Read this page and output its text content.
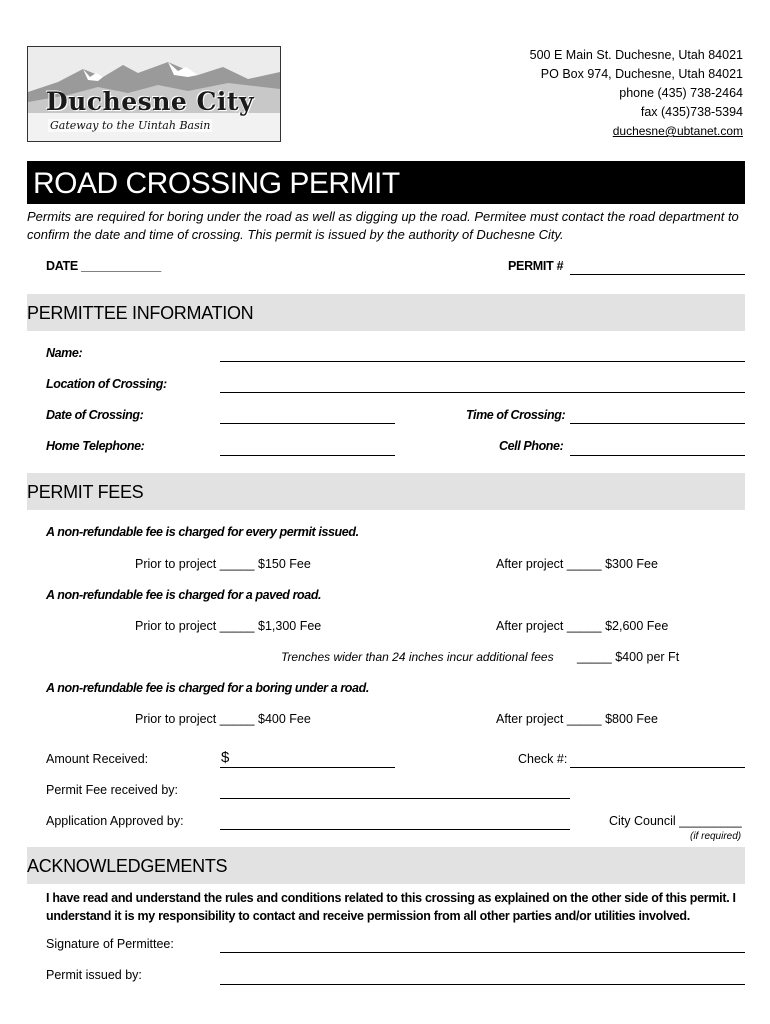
Duchesne City
Gateway to the Uintah Basin
500 E Main St. Duchesne, Utah 84021
PO Box 974, Duchesne, Utah 84021
phone (435) 738-2464
fax (435)738-5394
duchesne@ubtanet.com
ROAD CROSSING PERMIT
Permits are required for boring under the road as well as digging up the road. Permitee must contact the road department to confirm the date and time of crossing. This permit is issued by the authority of Duchesne City.
DATE ____________	PERMIT #
PERMITTEE INFORMATION
Name:
Location of Crossing:
Date of Crossing:	Time of Crossing:
Home Telephone:	Cell Phone:
PERMIT FEES
A non-refundable fee is charged for every permit issued.
Prior to project _____ $150 Fee	After project _____ $300 Fee
A non-refundable fee is charged for a paved road.
Prior to project _____ $1,300 Fee	After project _____ $2,600 Fee
Trenches wider than 24 inches incur additional fees _____ $400 per Ft
A non-refundable fee is charged for a boring under a road.
Prior to project _____ $400 Fee	After project _____ $800 Fee
Amount Received:	$	Check #:
Permit Fee received by:
Application Approved by:	City Council _________
(if required)
ACKNOWLEDGEMENTS
I have read and understand the rules and conditions related to this crossing as explained on the other side of this permit. I understand it is my responsibility to contact and receive permission from all other parties and/or utilities involved.
Signature of Permittee:
Permit issued by:
